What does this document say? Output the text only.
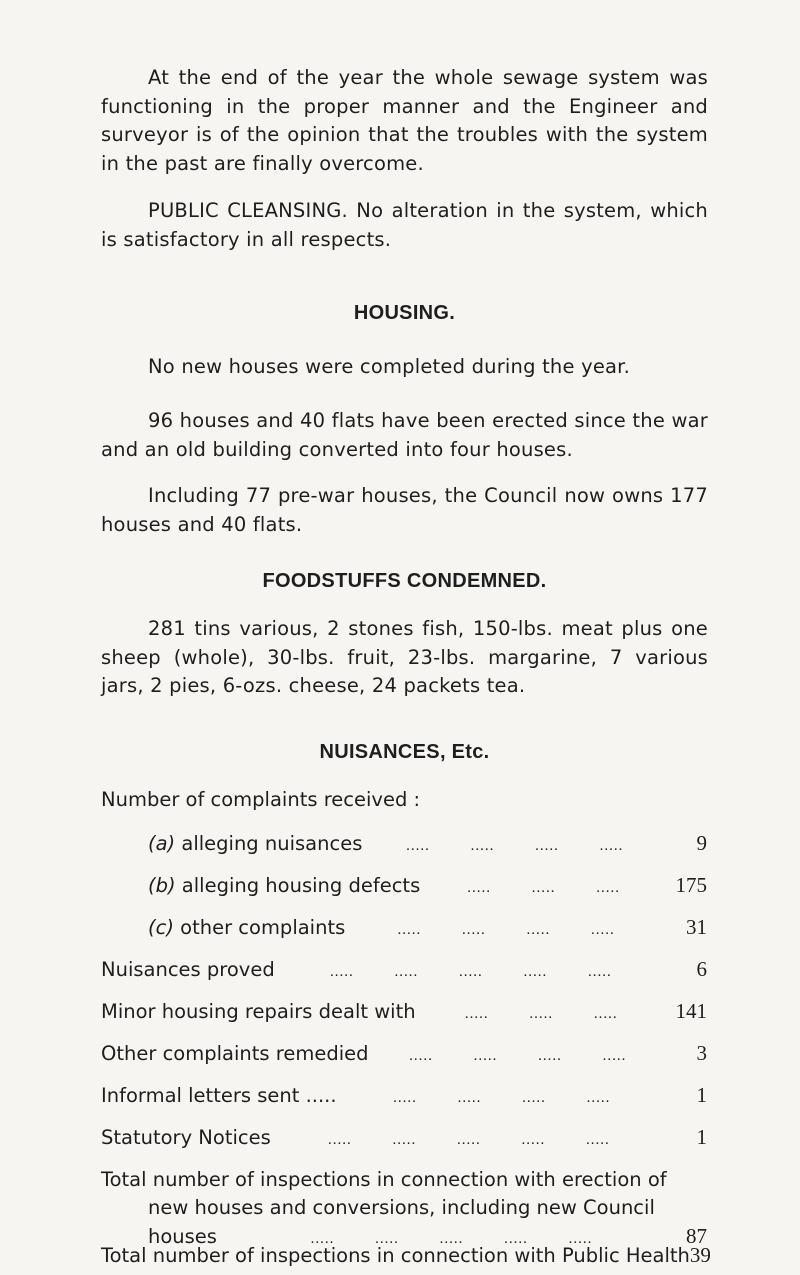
At the end of the year the whole sewage system was functioning in the proper manner and the Engineer and surveyor is of the opinion that the troubles with the system in the past are finally overcome.

PUBLIC CLEANSING. No alteration in the system, which is satisfactory in all respects.

HOUSING.

No new houses were completed during the year.

96 houses and 40 flats have been erected since the war and an old building converted into four houses.

Including 77 pre-war houses, the Council now owns 177 houses and 40 flats.

FOODSTUFFS CONDEMNED.

281 tins various, 2 stones fish, 150-lbs. meat plus one sheep (whole), 30-lbs. fruit, 23-lbs. margarine, 7 various jars, 2 pies, 6-ozs. cheese, 24 packets tea.

NUISANCES, Etc.

Number of complaints received :

(a) alleging nuisances	..... ..... ..... .....	9
(b) alleging housing defects	..... ..... .....	175
(c) other complaints	..... ..... ..... .....	31
Nuisances proved	..... ..... ..... ..... .....	6
Minor housing repairs dealt with	..... ..... .....	141
Other complaints remedied	..... ..... ..... .....	3
Informal letters sent .....	..... ..... ..... .....	1
Statutory Notices	..... ..... ..... ..... .....	1
Total number of inspections in connection with erection of
new houses and conversions, including new Council
houses	..... ..... ..... ..... .....	87
Total number of inspections in connection with Public Health 39
